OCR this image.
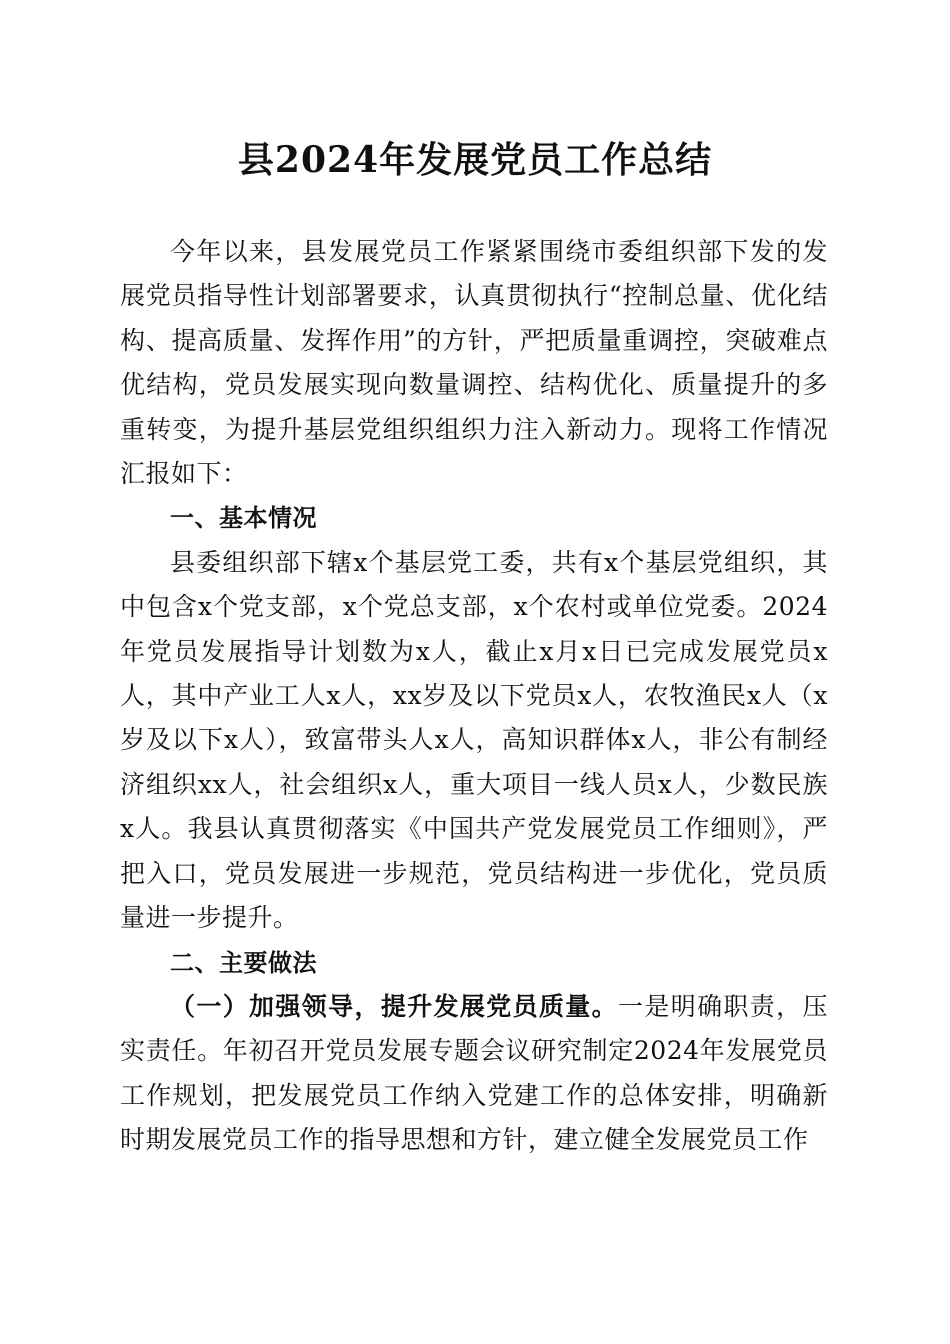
县2024年发展党员工作总结

今年以来，县发展党员工作紧紧围绕市委组织部下发的发展党员指导性计划部署要求，认真贯彻执行“控制总量、优化结构、提高质量、发挥作用”的方针，严把质量重调控，突破难点优结构，党员发展实现向数量调控、结构优化、质量提升的多重转变，为提升基层党组织组织力注入新动力。现将工作情况汇报如下：

一、基本情况

县委组织部下辖x个基层党工委，共有x个基层党组织，其中包含x个党支部，x个党总支部，x个农村或单位党委。2024年党员发展指导计划数为x人，截止x月x日已完成发展党员x人，其中产业工人x人，xx岁及以下党员x人，农牧渔民x人（x岁及以下x人），致富带头人x人，高知识群体x人，非公有制经济组织xx人，社会组织x人，重大项目一线人员x人，少数民族x人。我县认真贯彻落实《中国共产党发展党员工作细则》，严把入口，党员发展进一步规范，党员结构进一步优化，党员质量进一步提升。

二、主要做法

（一）加强领导，提升发展党员质量。一是明确职责，压实责任。年初召开党员发展专题会议研究制定2024年发展党员工作规划，把发展党员工作纳入党建工作的总体安排，明确新时期发展党员工作的指导思想和方针，建立健全发展党员工作
